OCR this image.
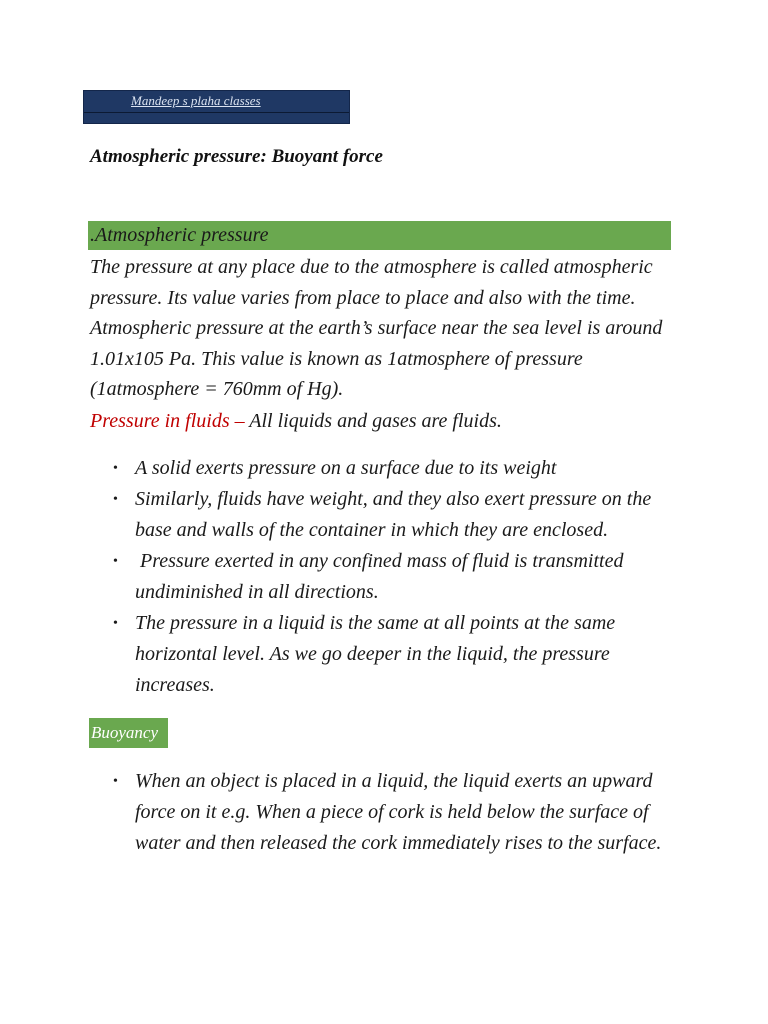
Mandeep s plaha classes
Atmospheric pressure: Buoyant force
.Atmospheric pressure
The pressure at any place due to the atmosphere is called atmospheric
pressure. Its value varies from place to place and also with the time.
Atmospheric pressure at the earth’s surface near the sea level is around
1.01x105 Pa. This value is known as 1atmosphere of pressure
(1atmosphere = 760mm of Hg).
Pressure in fluids – All liquids and gases are fluids.
• A solid exerts pressure on a surface due to its weight
• Similarly, fluids have weight, and they also exert pressure on the
base and walls of the container in which they are enclosed.
• Pressure exerted in any confined mass of fluid is transmitted
undiminished in all directions.
• The pressure in a liquid is the same at all points at the same
horizontal level. As we go deeper in the liquid, the pressure
increases.
Buoyancy
• When an object is placed in a liquid, the liquid exerts an upward
force on it e.g. When a piece of cork is held below the surface of
water and then released the cork immediately rises to the surface.
